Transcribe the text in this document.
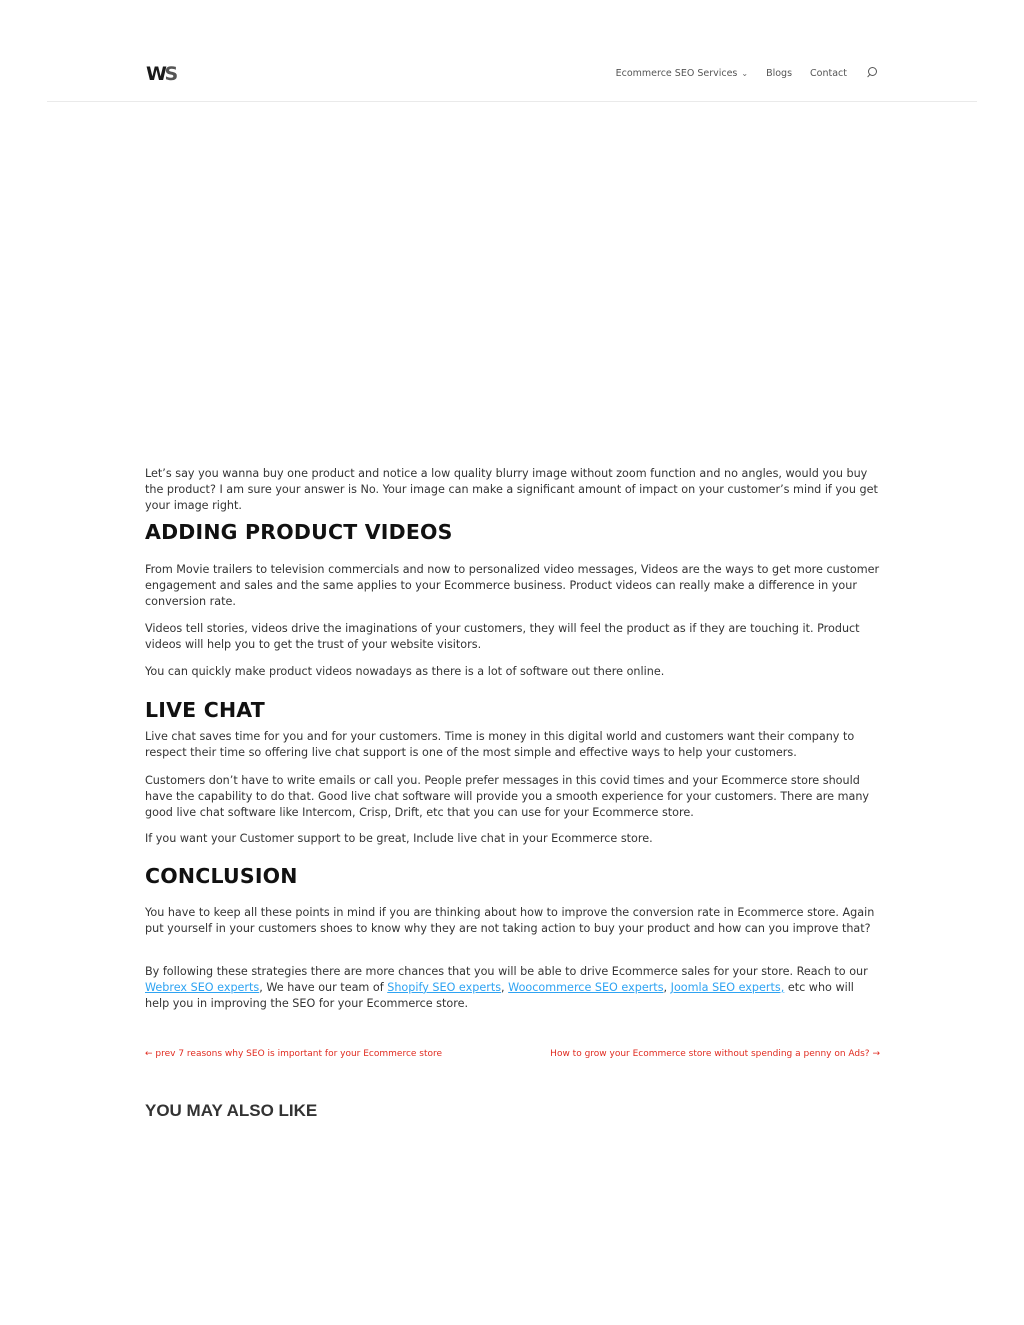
WS	Ecommerce SEO Services ⌄ Blogs Contact

Let’s say you wanna buy one product and notice a low quality blurry image without zoom function and no angles, would you buy the product? I am sure your answer is No. Your image can make a significant amount of impact on your customer’s mind if you get your image right.

ADDING PRODUCT VIDEOS

From Movie trailers to television commercials and now to personalized video messages, Videos are the ways to get more customer engagement and sales and the same applies to your Ecommerce business. Product videos can really make a difference in your conversion rate.

Videos tell stories, videos drive the imaginations of your customers, they will feel the product as if they are touching it. Product videos will help you to get the trust of your website visitors.

You can quickly make product videos nowadays as there is a lot of software out there online.

LIVE CHAT

Live chat saves time for you and for your customers. Time is money in this digital world and customers want their company to respect their time so offering live chat support is one of the most simple and effective ways to help your customers.

Customers don’t have to write emails or call you. People prefer messages in this covid times and your Ecommerce store should have the capability to do that. Good live chat software will provide you a smooth experience for your customers. There are many good live chat software like Intercom, Crisp, Drift, etc that you can use for your Ecommerce store.

If you want your Customer support to be great, Include live chat in your Ecommerce store.

CONCLUSION

You have to keep all these points in mind if you are thinking about how to improve the conversion rate in Ecommerce store. Again put yourself in your customers shoes to know why they are not taking action to buy your product and how can you improve that?

By following these strategies there are more chances that you will be able to drive Ecommerce sales for your store. Reach to our Webrex SEO experts, We have our team of Shopify SEO experts, Woocommerce SEO experts, Joomla SEO experts, etc who will help you in improving the SEO for your Ecommerce store.

← prev 7 reasons why SEO is important for your Ecommerce store	How to grow your Ecommerce store without spending a penny on Ads? →
YOU MAY ALSO LIKE
